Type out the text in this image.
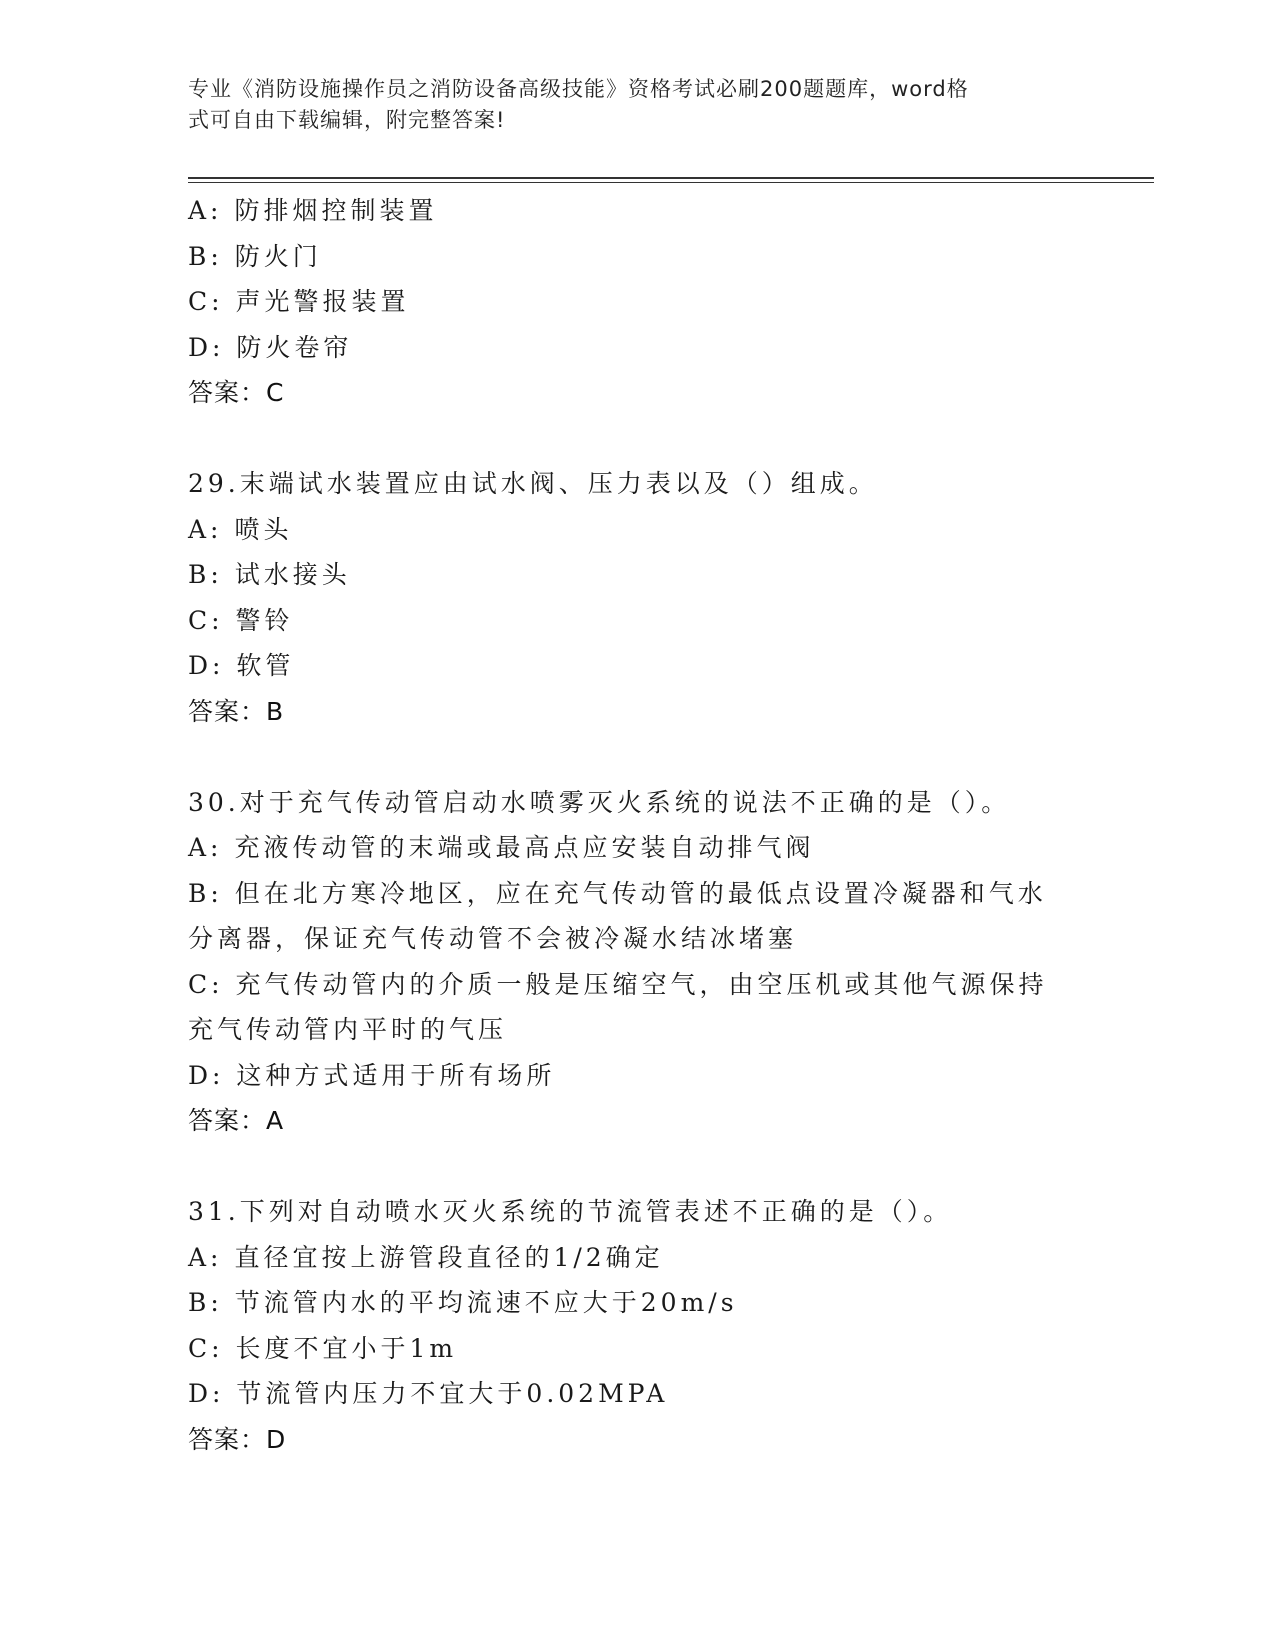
专业《消防设施操作员之消防设备高级技能》资格考试必刷200题题库，word格
式可自由下载编辑，附完整答案!
A: 防排烟控制装置
B: 防火门
C: 声光警报装置
D: 防火卷帘
答案：C
29.末端试水装置应由试水阀、压力表以及（）组成。
A: 喷头
B: 试水接头
C: 警铃
D: 软管
答案：B
30.对于充气传动管启动水喷雾灭火系统的说法不正确的是（）。
A: 充液传动管的末端或最高点应安装自动排气阀
B: 但在北方寒冷地区，应在充气传动管的最低点设置冷凝器和气水分离器，保证充气传动管不会被冷凝水结冰堵塞
C: 充气传动管内的介质一般是压缩空气，由空压机或其他气源保持充气传动管内平时的气压
D: 这种方式适用于所有场所
答案：A
31.下列对自动喷水灭火系统的节流管表述不正确的是（）。
A: 直径宜按上游管段直径的1/2确定
B: 节流管内水的平均流速不应大于20m/s
C: 长度不宜小于1m
D: 节流管内压力不宜大于0.02MPA
答案：D
